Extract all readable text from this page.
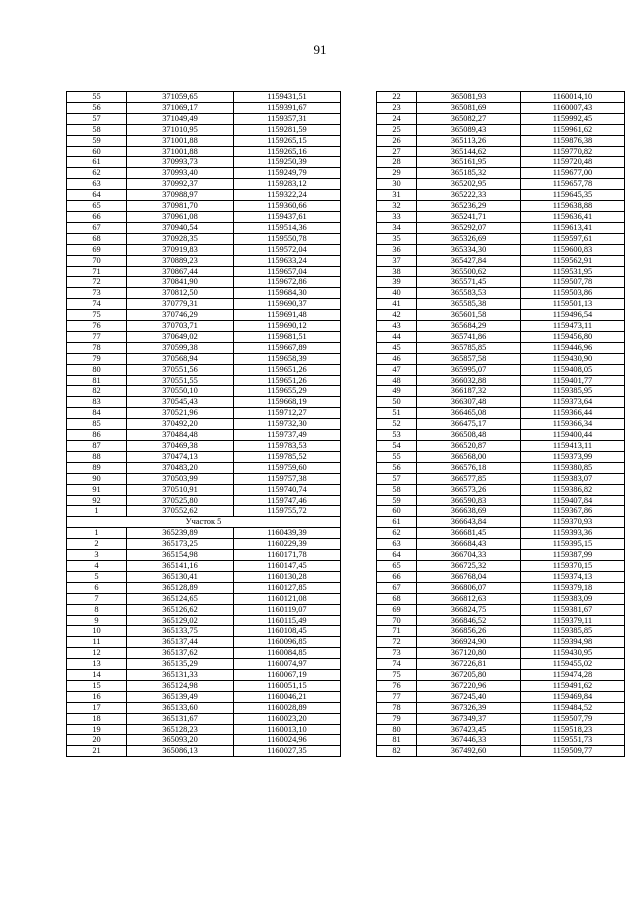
91
55	371059,65	1159431,51
56	371069,17	1159391,67
57	371049,49	1159357,31
58	371010,95	1159281,59
59	371001,88	1159265,15
60	371001,88	1159265,16
61	370993,73	1159250,39
62	370993,40	1159249,79
63	370992,37	1159283,12
64	370988,97	1159322,24
65	370981,70	1159360,66
66	370961,08	1159437,61
67	370940,54	1159514,36
68	370928,35	1159550,78
69	370919,83	1159572,04
70	370889,23	1159633,24
71	370867,44	1159657,04
72	370841,90	1159672,86
73	370812,50	1159684,30
74	370779,31	1159690,37
75	370746,29	1159691,48
76	370703,71	1159690,12
77	370649,02	1159681,51
78	370599,38	1159667,89
79	370568,94	1159658,39
80	370551,56	1159651,26
81	370551,55	1159651,26
82	370550,10	1159655,29
83	370545,43	1159668,19
84	370521,96	1159712,27
85	370492,20	1159732,30
86	370484,48	1159737,49
87	370469,38	1159783,53
88	370474,13	1159785,52
89	370483,20	1159759,60
90	370503,99	1159757,38
91	370510,91	1159740,74
92	370525,80	1159747,46
1	370552,62	1159755,72
Участок 5		
1	365239,89	1160439,39
2	365173,25	1160229,39
3	365154,98	1160171,78
4	365141,16	1160147,45
5	365130,41	1160130,28
6	365128,89	1160127,85
7	365124,65	1160121,08
8	365126,62	1160119,07
9	365129,02	1160115,49
10	365133,75	1160108,45
11	365137,44	1160096,85
12	365137,62	1160084,85
13	365135,29	1160074,97
14	365131,33	1160067,19
15	365124,98	1160051,15
16	365139,49	1160046,21
17	365133,60	1160028,89
18	365131,67	1160023,20
19	365128,23	1160013,10
20	365093,20	1160024,96
21	365086,13	1160027,35
22	365081,93	1160014,10
23	365081,69	1160007,43
24	365082,27	1159992,45
25	365089,43	1159961,62
26	365113,26	1159876,38
27	365144,62	1159770,82
28	365161,95	1159720,48
29	365185,32	1159677,00
30	365202,95	1159657,78
31	365222,33	1159645,35
32	365236,29	1159638,88
33	365241,71	1159636,41
34	365292,07	1159613,41
35	365326,69	1159597,61
36	365334,30	1159600,83
37	365427,84	1159562,91
38	365500,62	1159531,95
39	365571,45	1159507,78
40	365583,53	1159503,86
41	365585,38	1159501,13
42	365601,58	1159496,54
43	365684,29	1159473,11
44	365741,86	1159456,80
45	365785,85	1159446,96
46	365857,58	1159430,90
47	365995,07	1159408,05
48	366032,88	1159401,77
49	366187,32	1159385,95
50	366307,48	1159373,64
51	366465,08	1159366,44
52	366475,17	1159366,34
53	366508,48	1159400,44
54	366520,87	1159413,11
55	366568,00	1159373,99
56	366576,18	1159380,85
57	366577,85	1159383,07
58	366573,26	1159386,82
59	366590,83	1159407,84
60	366638,69	1159367,86
61	366643,84	1159370,93
62	366681,45	1159393,36
63	366684,43	1159395,15
64	366704,33	1159387,99
65	366725,32	1159370,15
66	366768,04	1159374,13
67	366806,07	1159379,18
68	366812,63	1159383,09
69	366824,75	1159381,67
70	366846,52	1159379,11
71	366856,26	1159385,85
72	366924,90	1159394,98
73	367120,80	1159430,95
74	367226,81	1159455,02
75	367205,80	1159474,28
76	367220,96	1159491,62
77	367245,40	1159469,84
78	367326,39	1159484,52
79	367349,37	1159507,79
80	367423,45	1159518,23
81	367446,33	1159551,73
82	367492,60	1159509,77
